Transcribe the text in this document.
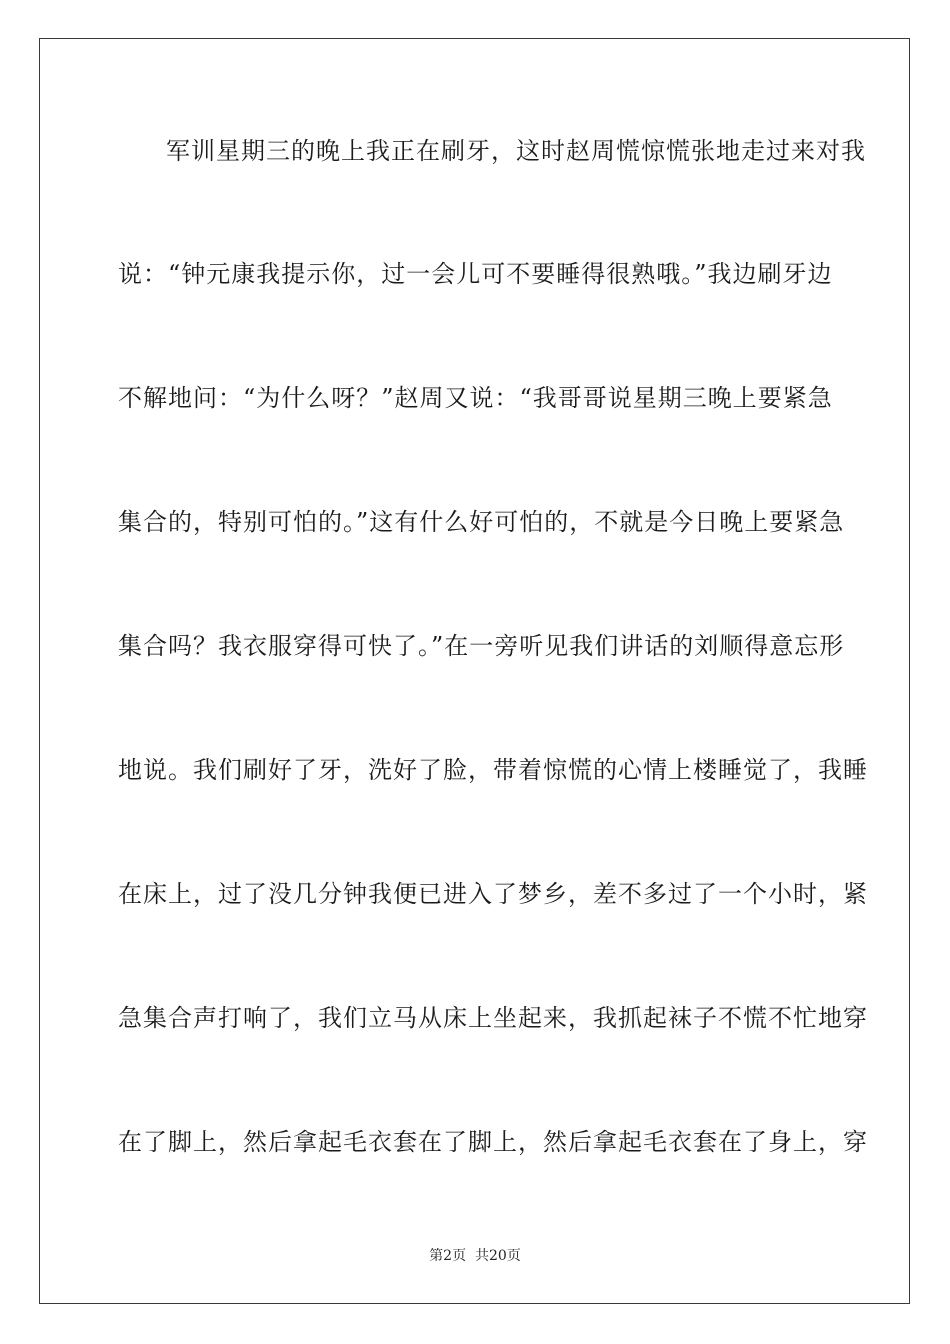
军训星期三的晚上我正在刷牙，这时赵周慌惊慌张地走过来对我
说：“钟元康我提示你，过一会儿可不要睡得很熟哦。”我边刷牙边
不解地问：“为什么呀？”赵周又说：“我哥哥说星期三晚上要紧急
集合的，特别可怕的。”这有什么好可怕的，不就是今日晚上要紧急
集合吗？我衣服穿得可快了。”在一旁听见我们讲话的刘顺得意忘形
地说。我们刷好了牙，洗好了脸，带着惊慌的心情上楼睡觉了，我睡
在床上，过了没几分钟我便已进入了梦乡，差不多过了一个小时，紧
急集合声打响了，我们立马从床上坐起来，我抓起袜子不慌不忙地穿
在了脚上，然后拿起毛衣套在了脚上，然后拿起毛衣套在了身上，穿
第2页 共20页
